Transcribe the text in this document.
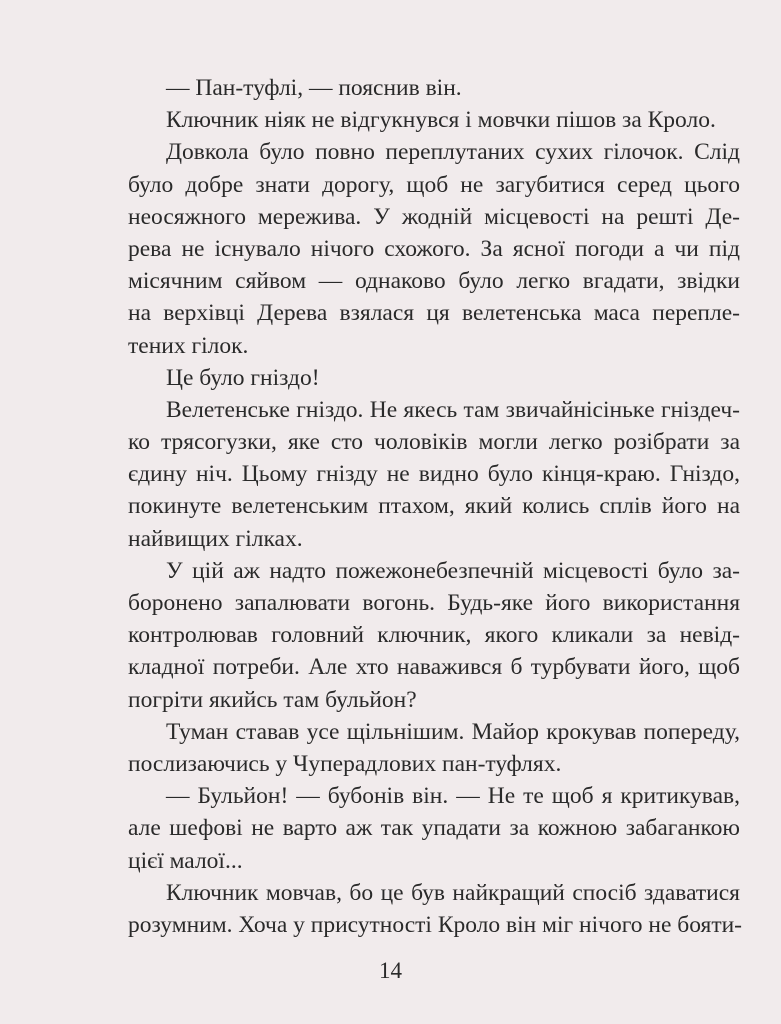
— Пан-туфлі, — пояснив він.

Ключник ніяк не відгукнувся і мовчки пішов за Кроло.

Довкола було повно переплутаних сухих гілочок. Слід
було добре знати дорогу, щоб не загубитися серед цього
неосяжного мережива. У жодній місцевості на решті Де-
рева не існувало нічого схожого. За ясної погоди а чи під
місячним сяйвом — однаково було легко вгадати, звідки
на верхівці Дерева взялася ця велетенська маса переплe-
тених гілок.

Це було гніздо!

Велетенське гніздо. Не якесь там звичайнісінькe гніздеч-
ко трясогузки, яке сто чоловіків могли легко розібрати за
єдину ніч. Цьому гнізду не видно було кінця-краю. Гніздо,
покинуте велетенським птахом, який колись сплів його на
найвищих гілках.

У цій аж надто пожежонебезпечній місцевості було за-
боронено запалювати вогонь. Будь-яке його використання
контролював головний ключник, якого кликали за невід-
кладної потреби. Але хто наважився б турбувати його, щоб
погріти якийсь там бульйон?

Туман ставав усе щільнішим. Майор крокував попереду,
послизаючись у Чуперадлових пан-туфлях.

— Бульйон! — бубонів він. — Не те щоб я критикував,
але шефові не варто аж так упадати за кожною забаганкою
цієї малої...

Ключник мовчав, бо це був найкращий спосіб здаватися
розумним. Хоча у присутності Кроло він міг нічого не бояти-

14
